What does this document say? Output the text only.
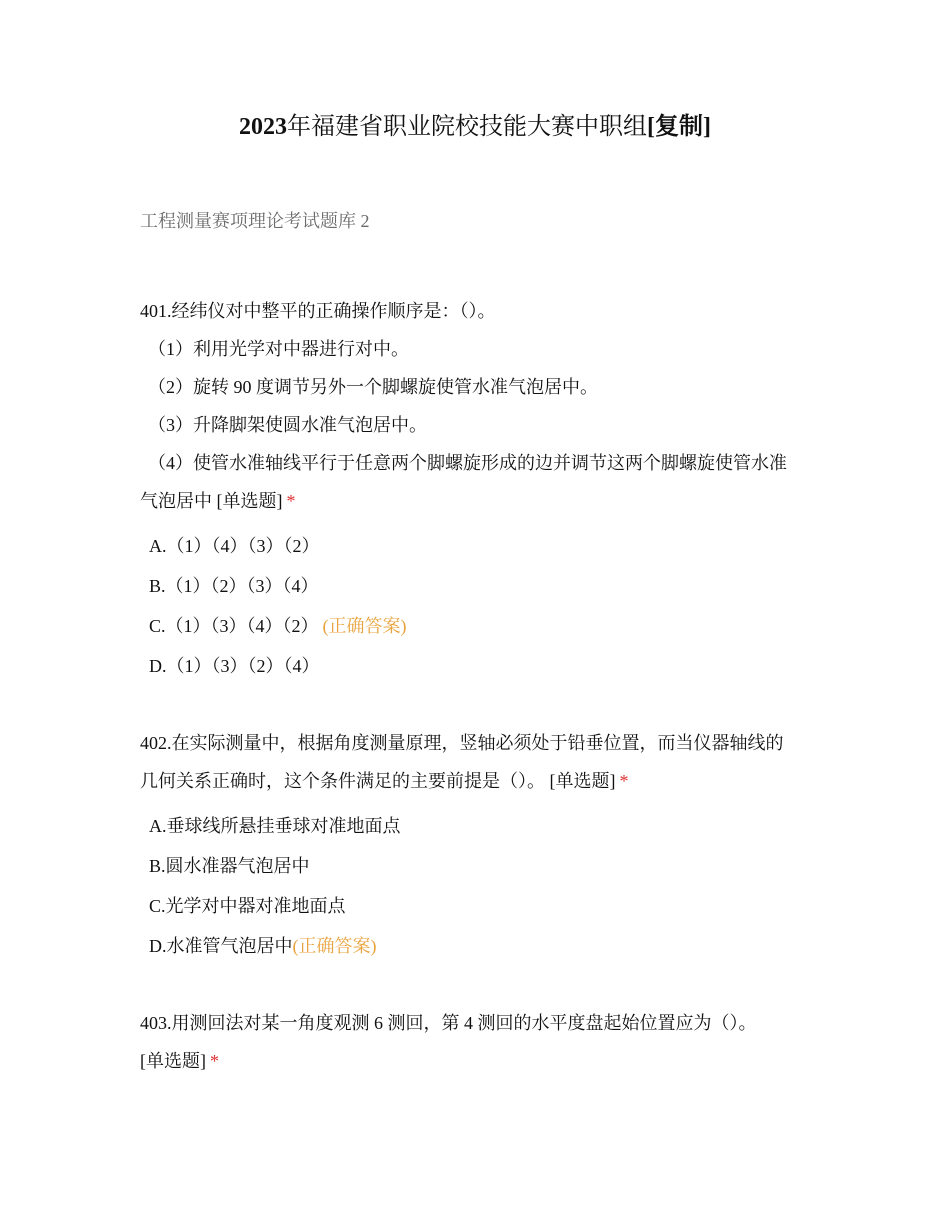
2023年福建省职业院校技能大赛中职组[复制]
工程测量赛项理论考试题库 2
401.经纬仪对中整平的正确操作顺序是：（）。
（1）利用光学对中器进行对中。
（2）旋转 90 度调节另外一个脚螺旋使管水准气泡居中。
（3）升降脚架使圆水准气泡居中。
（4）使管水准轴线平行于任意两个脚螺旋形成的边并调节这两个脚螺旋使管水准
气泡居中 [单选题] *
A.（1）（4）（3）（2）
B.（1）（2）（3）（4）
C.（1）（3）（4）（2） (正确答案)
D.（1）（3）（2）（4）
402.在实际测量中，根据角度测量原理，竖轴必须处于铅垂位置，而当仪器轴线的
几何关系正确时，这个条件满足的主要前提是（）。 [单选题] *
A.垂球线所悬挂垂球对准地面点
B.圆水准器气泡居中
C.光学对中器对准地面点
D.水准管气泡居中(正确答案)
403.用测回法对某一角度观测 6 测回，第 4 测回的水平度盘起始位置应为（）。
[单选题] *
